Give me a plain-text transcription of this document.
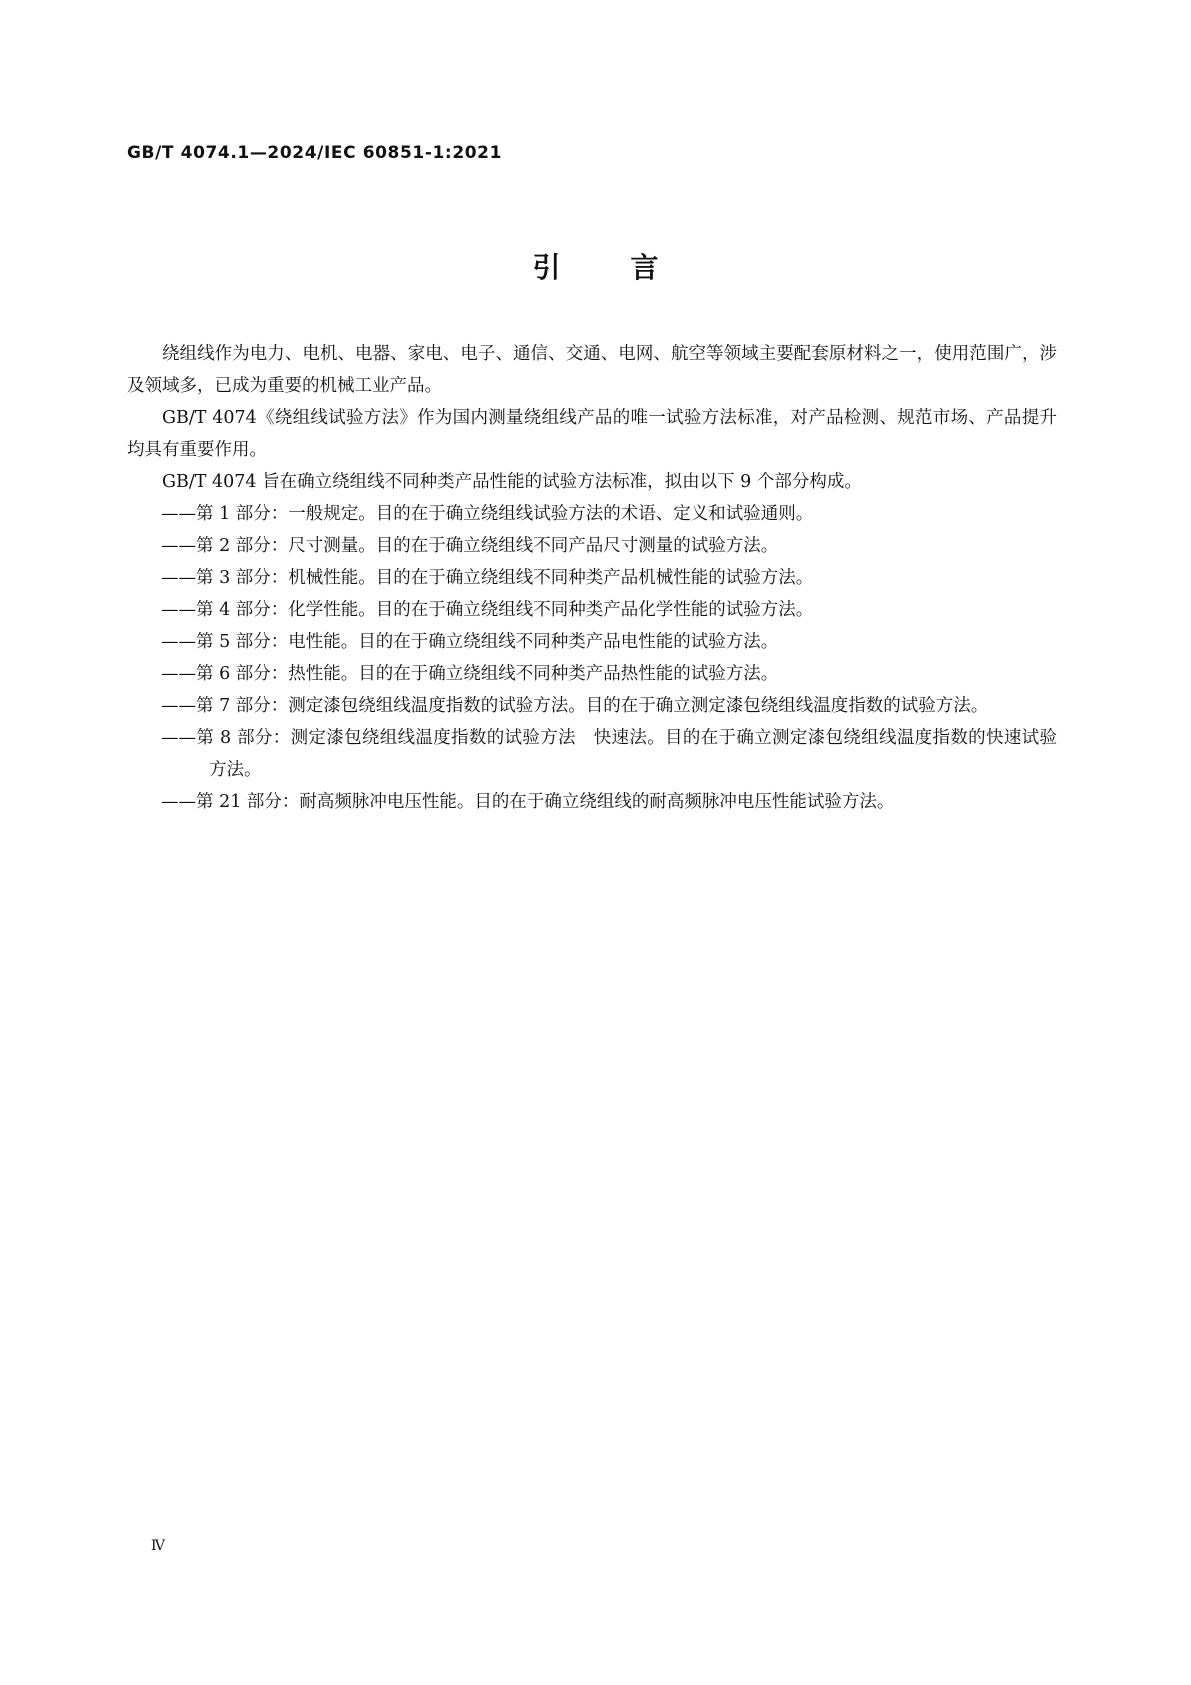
GB/T 4074.1—2024/IEC 60851-1:2021
引言

绕组线作为电力、电机、电器、家电、电子、通信、交通、电网、航空等领域主要配套原材料之一，使用范围广，涉及领域多，已成为重要的机械工业产品。

GB/T 4074《绕组线试验方法》作为国内测量绕组线产品的唯一试验方法标准，对产品检测、规范市场、产品提升均具有重要作用。

GB/T 4074 旨在确立绕组线不同种类产品性能的试验方法标准，拟由以下 9 个部分构成。

——第 1 部分：一般规定。目的在于确立绕组线试验方法的术语、定义和试验通则。

——第 2 部分：尺寸测量。目的在于确立绕组线不同产品尺寸测量的试验方法。

——第 3 部分：机械性能。目的在于确立绕组线不同种类产品机械性能的试验方法。

——第 4 部分：化学性能。目的在于确立绕组线不同种类产品化学性能的试验方法。

——第 5 部分：电性能。目的在于确立绕组线不同种类产品电性能的试验方法。

——第 6 部分：热性能。目的在于确立绕组线不同种类产品热性能的试验方法。

——第 7 部分：测定漆包绕组线温度指数的试验方法。目的在于确立测定漆包绕组线温度指数的试验方法。

——第 8 部分：测定漆包绕组线温度指数的试验方法　快速法。目的在于确立测定漆包绕组线温度指数的快速试验方法。

——第 21 部分：耐高频脉冲电压性能。目的在于确立绕组线的耐高频脉冲电压性能试验方法。

Ⅳ
